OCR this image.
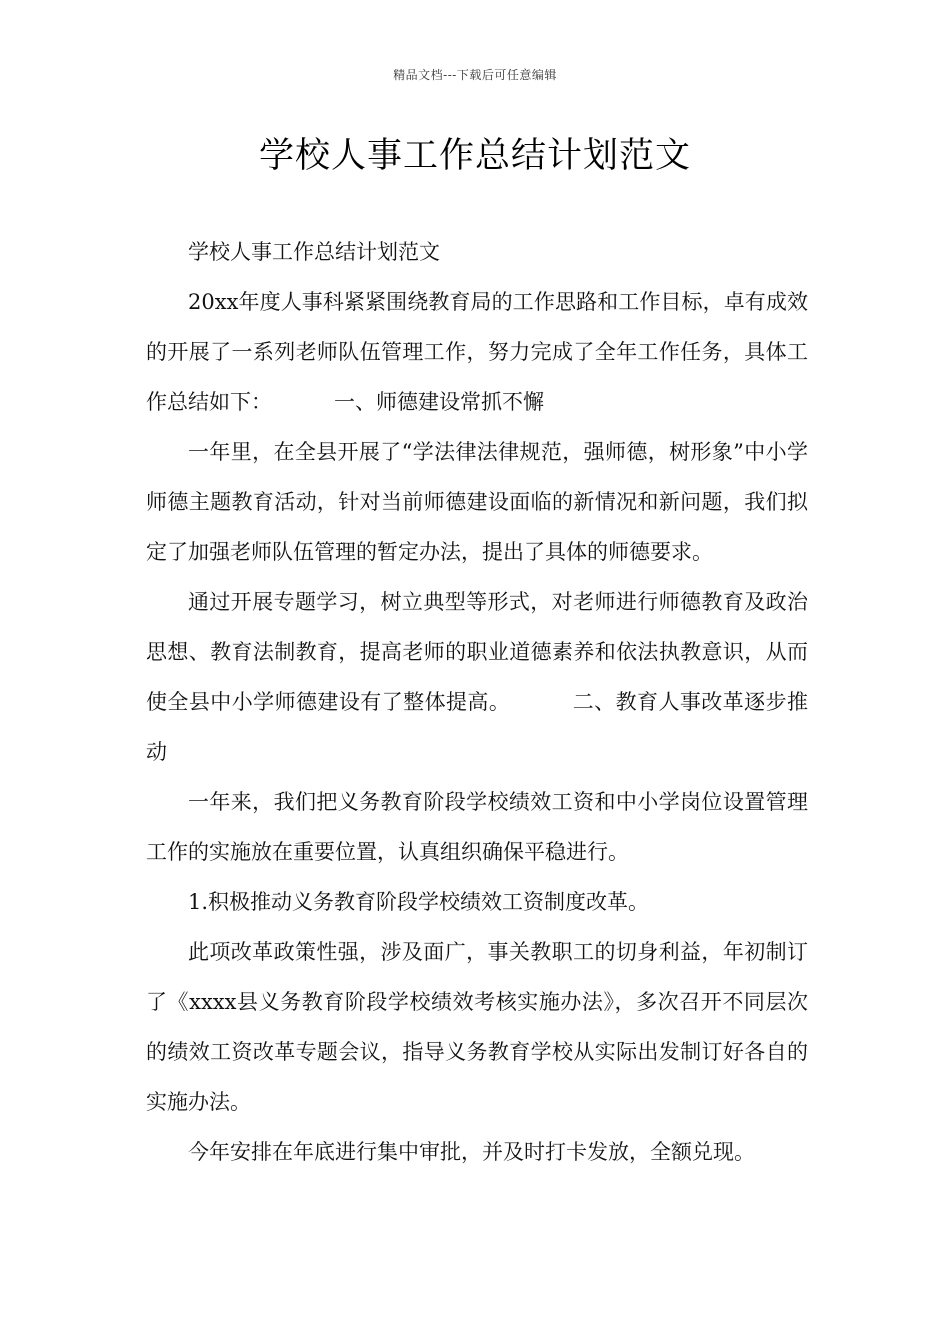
精品文档---下载后可任意编辑
学校人事工作总结计划范文

学校人事工作总结计划范文

20xx年度人事科紧紧围绕教育局的工作思路和工作目标，卓有成效的开展了一系列老师队伍管理工作，努力完成了全年工作任务，具体工作总结如下：	一、师德建设常抓不懈

一年里，在全县开展了“学法律法律规范，强师德，树形象”中小学师德主题教育活动，针对当前师德建设面临的新情况和新问题，我们拟定了加强老师队伍管理的暂定办法，提出了具体的师德要求。

通过开展专题学习，树立典型等形式，对老师进行师德教育及政治思想、教育法制教育，提高老师的职业道德素养和依法执教意识，从而使全县中小学师德建设有了整体提高。	二、教育人事改革逐步推动

一年来，我们把义务教育阶段学校绩效工资和中小学岗位设置管理工作的实施放在重要位置，认真组织确保平稳进行。

1.积极推动义务教育阶段学校绩效工资制度改革。

此项改革政策性强，涉及面广，事关教职工的切身利益，年初制订了《xxxx县义务教育阶段学校绩效考核实施办法》，多次召开不同层次的绩效工资改革专题会议，指导义务教育学校从实际出发制订好各自的实施办法。

今年安排在年底进行集中审批，并及时打卡发放，全额兑现。
